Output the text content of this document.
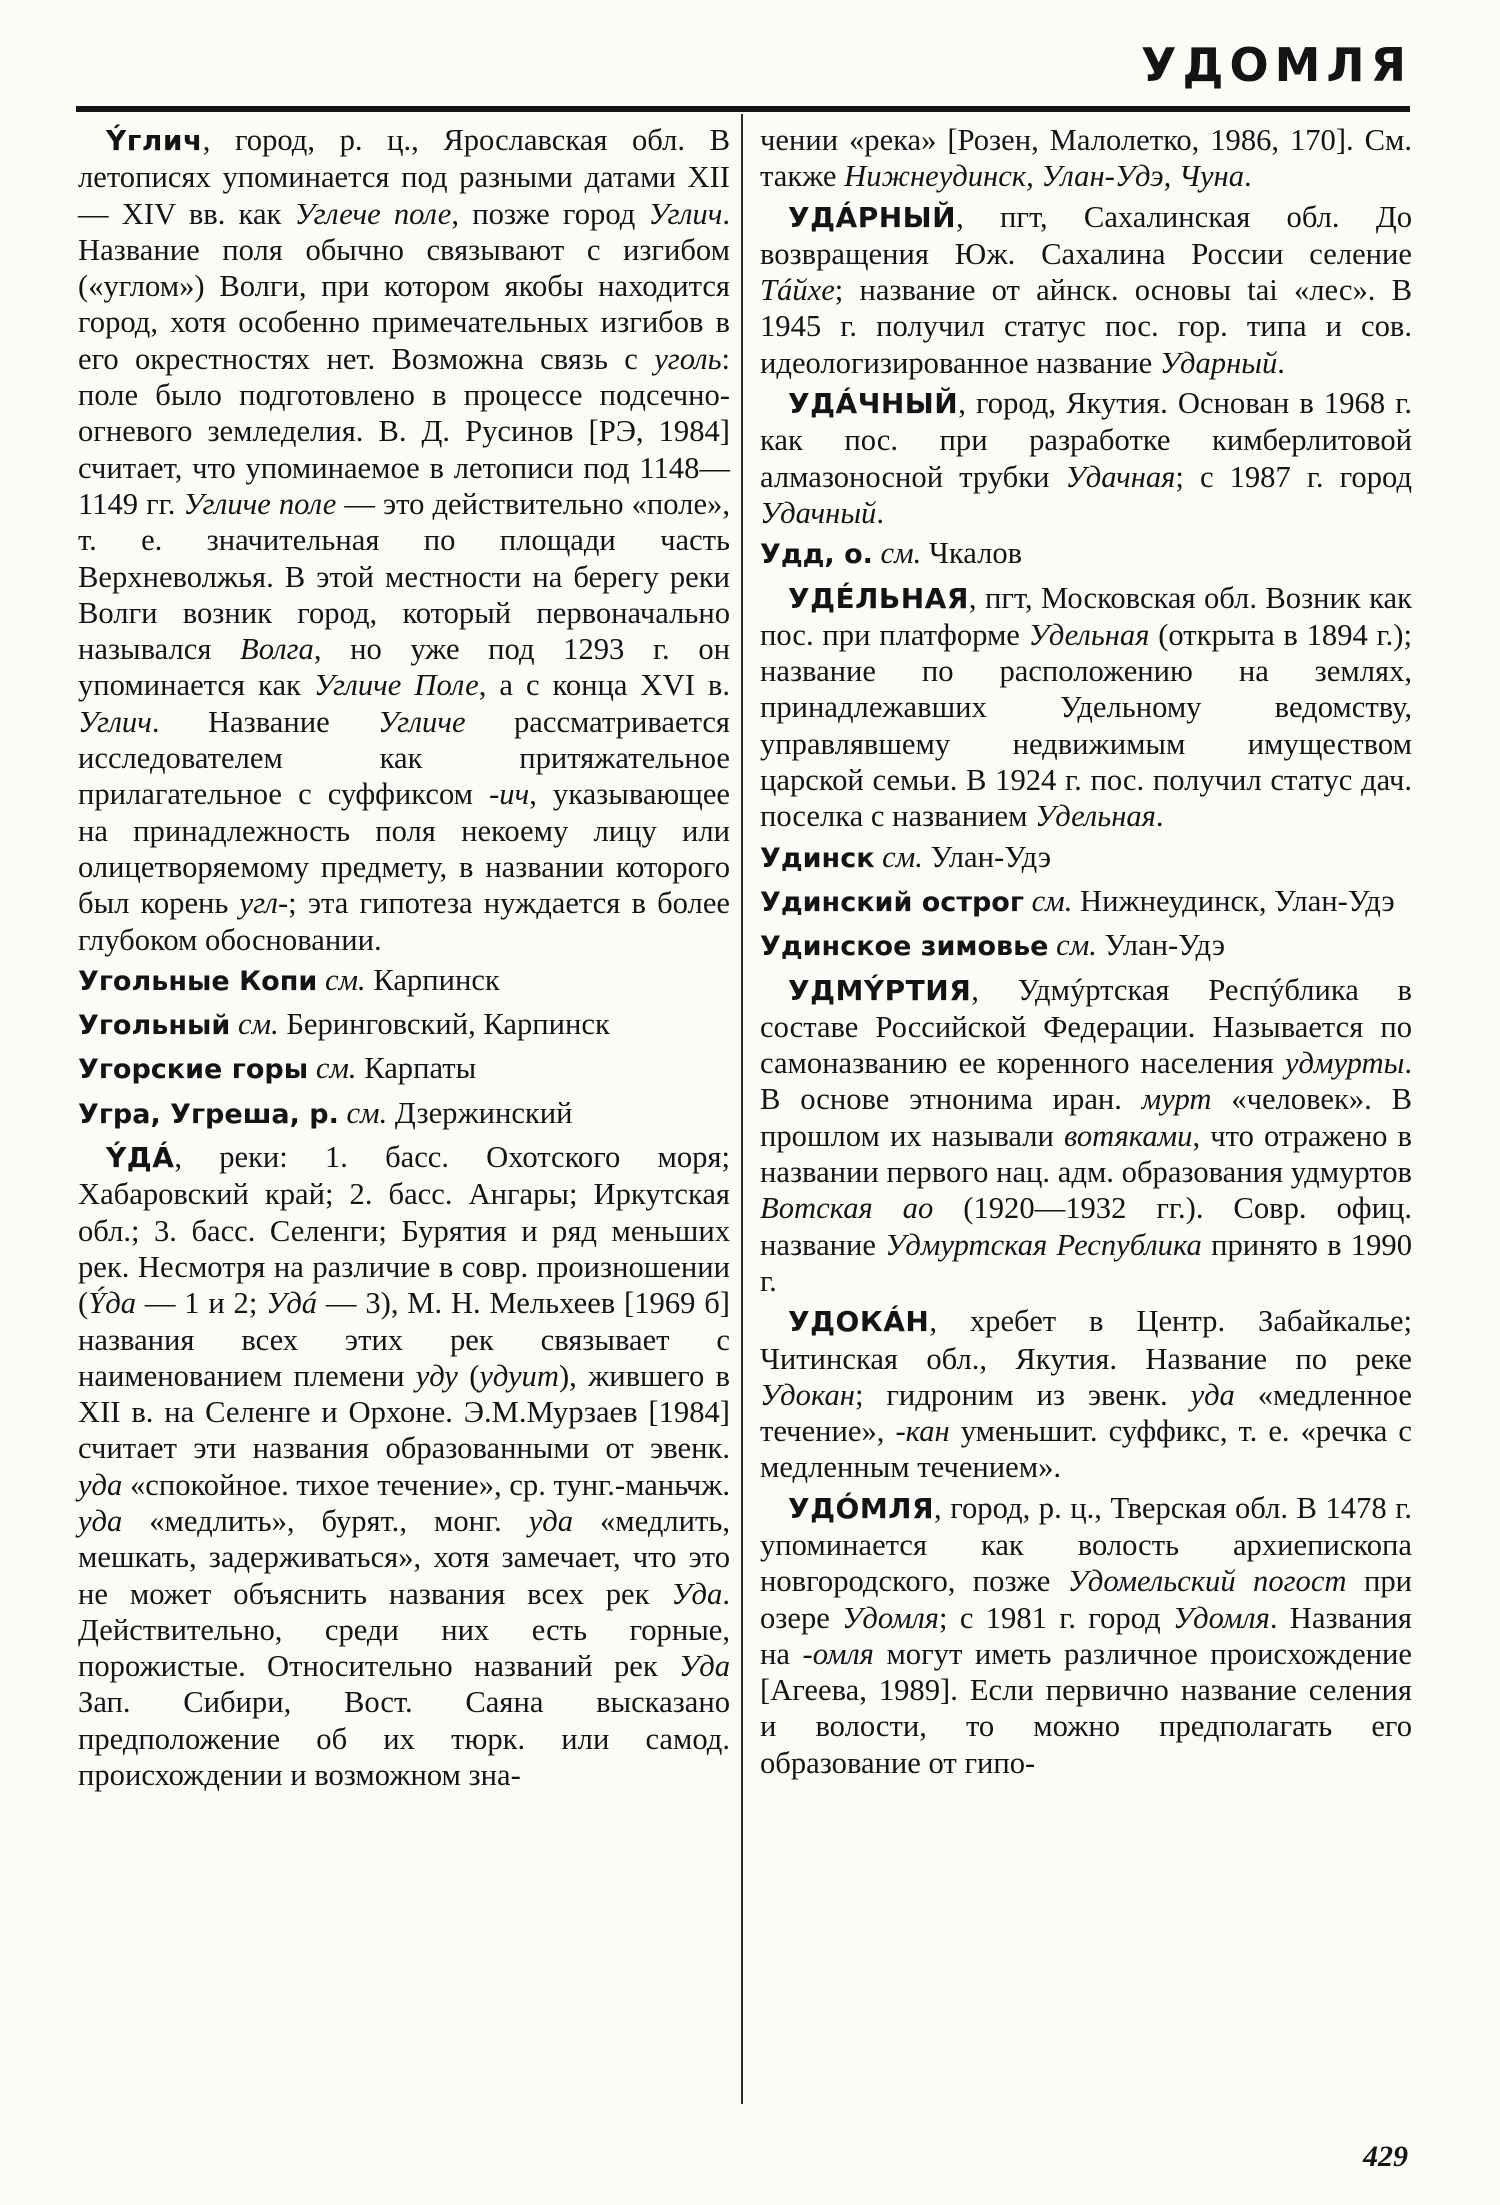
УДОМЛЯ

Ýглич, город, р. ц., Ярославская обл. В летописях упоминается под разными датами XII — XIV вв. как Углече поле, позже город Углич. Название поля обычно связывают с изгибом («углом») Волги, при котором якобы находится город, хотя особенно примечательных изгибов в его окрестностях нет. Возможна связь с уголь: поле было подготовлено в процессе подсечно-огневого земледелия. В. Д. Русинов [РЭ, 1984] считает, что упоминаемое в летописи под 1148—1149 гг. Угличе поле — это действительно «поле», т. е. значительная по площади часть Верхневолжья. В этой местности на берегу реки Волги возник город, который первоначально назывался Волга, но уже под 1293 г. он упоминается как Угличе Поле, а с конца XVI в. Углич. Название Угличе рассматривается исследователем как притяжательное прилагательное с суффиксом -ич, указывающее на принадлежность поля некоему лицу или олицетворяемому предмету, в названии которого был корень угл-; эта гипотеза нуждается в более глубоком обосновании.

Угольные Копи см. Карпинск

Угольный см. Беринговский, Карпинск

Угорские горы см. Карпаты

Угра, Угреша, р. см. Дзержинский

ÝДÁ, реки: 1. басс. Охотского моря; Хабаровский край; 2. басс. Ангары; Иркутская обл.; 3. басс. Селенги; Бурятия и ряд меньших рек. Несмотря на различие в совр. произношении (Ýда — 1 и 2; Удá — 3), М. Н. Мельхеев [1969 б] названия всех этих рек связывает с наименованием племени уду (удуит), жившего в XII в. на Селенге и Орхоне. Э.М.Мурзаев [1984] считает эти названия образованными от эвенк. уда «спокойное. тихое течение», ср. тунг.-маньчж. уда «медлить», бурят., монг. уда «медлить, мешкать, задерживаться», хотя замечает, что это не может объяснить названия всех рек Уда. Действительно, среди них есть горные, порожистые. Относительно названий рек Уда Зап. Сибири, Вост. Саяна высказано предположение об их тюрк. или самод. происхождении и возможном зна-

чении «река» [Розен, Малолетко, 1986, 170]. См. также Нижнеудинск, Улан-Удэ, Чуна.

УДÁРНЫЙ, пгт, Сахалинская обл. До возвращения Юж. Сахалина России селение Тáйхе; название от айнск. основы tai «лес». В 1945 г. получил статус пос. гор. типа и сов. идеологизированное название Ударный.

УДÁЧНЫЙ, город, Якутия. Основан в 1968 г. как пос. при разработке кимберлитовой алмазоносной трубки Удачная; с 1987 г. город Удачный.

Удд, о. см. Чкалов

УДÉЛЬНАЯ, пгт, Московская обл. Возник как пос. при платформе Удельная (открыта в 1894 г.); название по расположению на землях, принадлежавших Удельному ведомству, управлявшему недвижимым имуществом царской семьи. В 1924 г. пос. получил статус дач. поселка с названием Удельная.

Удинск см. Улан-Удэ

Удинский острог см. Нижнеудинск, Улан-Удэ

Удинское зимовье см. Улан-Удэ

УДМÝРТИЯ, Удмýртская Респýблика в составе Российской Федерации. Называется по самоназванию ее коренного населения удмурты. В основе этнонима иран. мурт «человек». В прошлом их называли вотяками, что отражено в названии первого нац. адм. образования удмуртов Вотская ао (1920—1932 гг.). Совр. офиц. название Удмуртская Республика принято в 1990 г.

УДОКÁН, хребет в Центр. Забайкалье; Читинская обл., Якутия. Название по реке Удокан; гидроним из эвенк. уда «медленное течение», -кан уменьшит. суффикс, т. е. «речка с медленным течением».

УДÓМЛЯ, город, р. ц., Тверская обл. В 1478 г. упоминается как волость архиепископа новгородского, позже Удомельский погост при озере Удомля; с 1981 г. город Удомля. Названия на -омля могут иметь различное происхождение [Агеева, 1989]. Если первично название селения и волости, то можно предполагать его образование от гипо-

429
